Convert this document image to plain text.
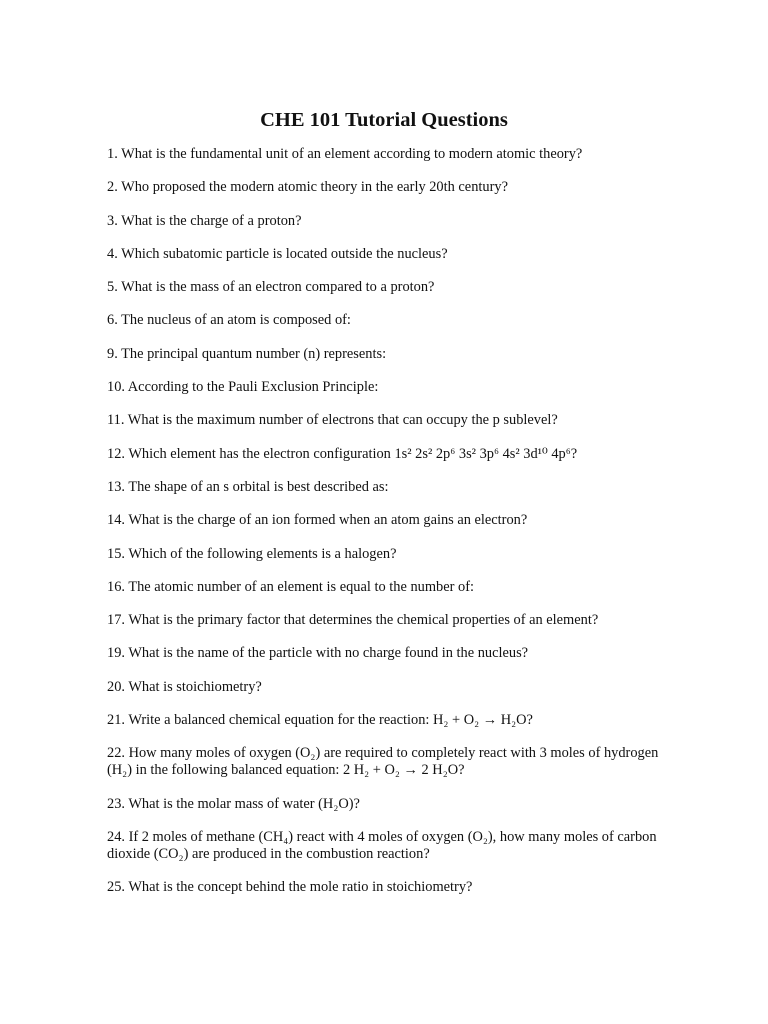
CHE 101 Tutorial Questions
1. What is the fundamental unit of an element according to modern atomic theory?
2. Who proposed the modern atomic theory in the early 20th century?
3. What is the charge of a proton?
4. Which subatomic particle is located outside the nucleus?
5. What is the mass of an electron compared to a proton?
6. The nucleus of an atom is composed of:
9. The principal quantum number (n) represents:
10. According to the Pauli Exclusion Principle:
11. What is the maximum number of electrons that can occupy the p sublevel?
12. Which element has the electron configuration 1s² 2s² 2p⁶ 3s² 3p⁶ 4s² 3d¹⁰ 4p⁶?
13. The shape of an s orbital is best described as:
14. What is the charge of an ion formed when an atom gains an electron?
15. Which of the following elements is a halogen?
16. The atomic number of an element is equal to the number of:
17. What is the primary factor that determines the chemical properties of an element?
19. What is the name of the particle with no charge found in the nucleus?
20. What is stoichiometry?
21. Write a balanced chemical equation for the reaction: H₂ + O₂ → H₂O?
22. How many moles of oxygen (O₂) are required to completely react with 3 moles of hydrogen (H₂) in the following balanced equation: 2 H₂ + O₂ → 2 H₂O?
23. What is the molar mass of water (H₂O)?
24. If 2 moles of methane (CH₄) react with 4 moles of oxygen (O₂), how many moles of carbon dioxide (CO₂) are produced in the combustion reaction?
25. What is the concept behind the mole ratio in stoichiometry?
